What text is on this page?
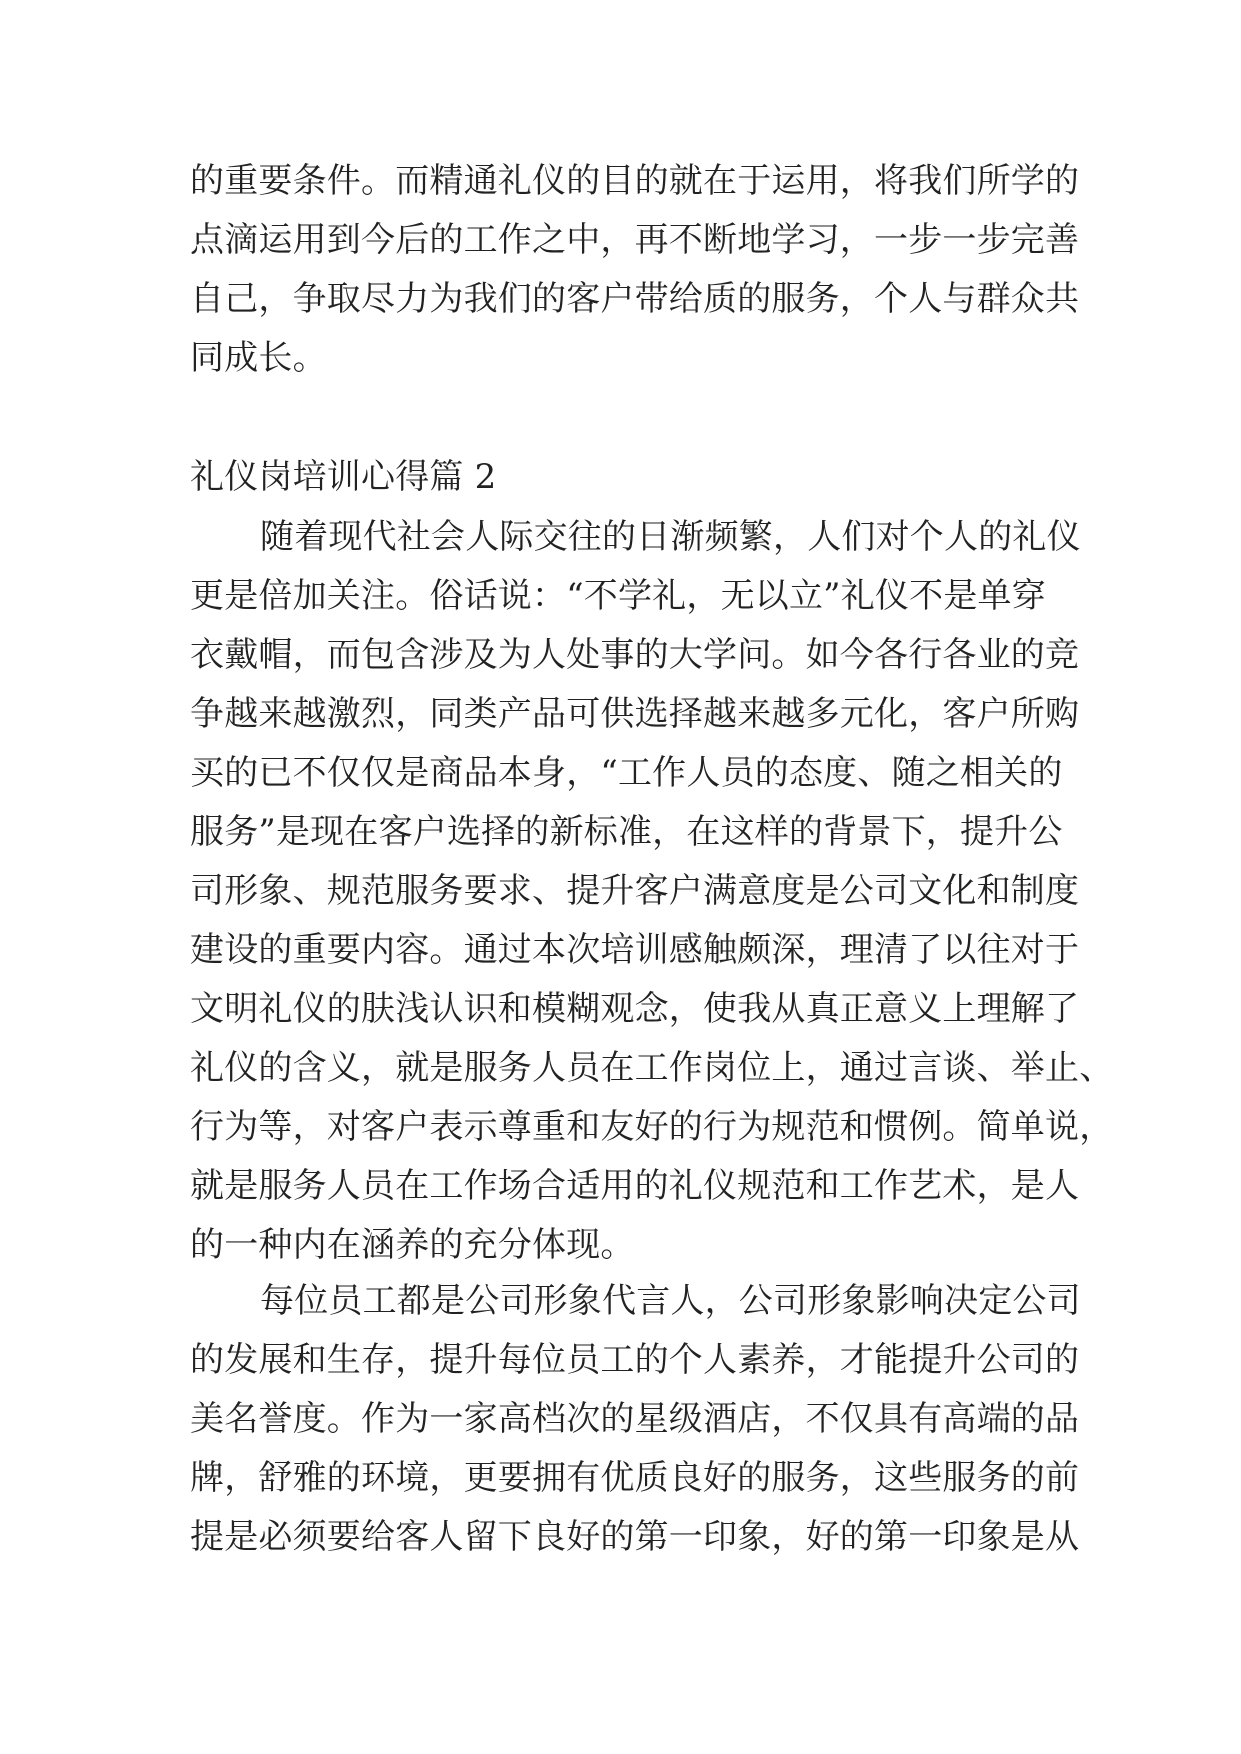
的重要条件。而精通礼仪的目的就在于运用，将我们所学的
点滴运用到今后的工作之中，再不断地学习，一步一步完善
自己，争取尽力为我们的客户带给质的服务，个人与群众共
同成长。
礼仪岗培训心得篇 2
随着现代社会人际交往的日渐频繁，人们对个人的礼仪
更是倍加关注。俗话说：“不学礼，无以立”礼仪不是单穿
衣戴帽，而包含涉及为人处事的大学问。如今各行各业的竞
争越来越激烈，同类产品可供选择越来越多元化，客户所购
买的已不仅仅是商品本身，“工作人员的态度、随之相关的
服务”是现在客户选择的新标准，在这样的背景下，提升公
司形象、规范服务要求、提升客户满意度是公司文化和制度
建设的重要内容。通过本次培训感触颇深，理清了以往对于
文明礼仪的肤浅认识和模糊观念，使我从真正意义上理解了
礼仪的含义，就是服务人员在工作岗位上，通过言谈、举止、
行为等，对客户表示尊重和友好的行为规范和惯例。简单说，
就是服务人员在工作场合适用的礼仪规范和工作艺术，是人
的一种内在涵养的充分体现。
每位员工都是公司形象代言人，公司形象影响决定公司
的发展和生存，提升每位员工的个人素养，才能提升公司的
美名誉度。作为一家高档次的星级酒店，不仅具有高端的品
牌，舒雅的环境，更要拥有优质良好的服务，这些服务的前
提是必须要给客人留下良好的第一印象，好的第一印象是从
